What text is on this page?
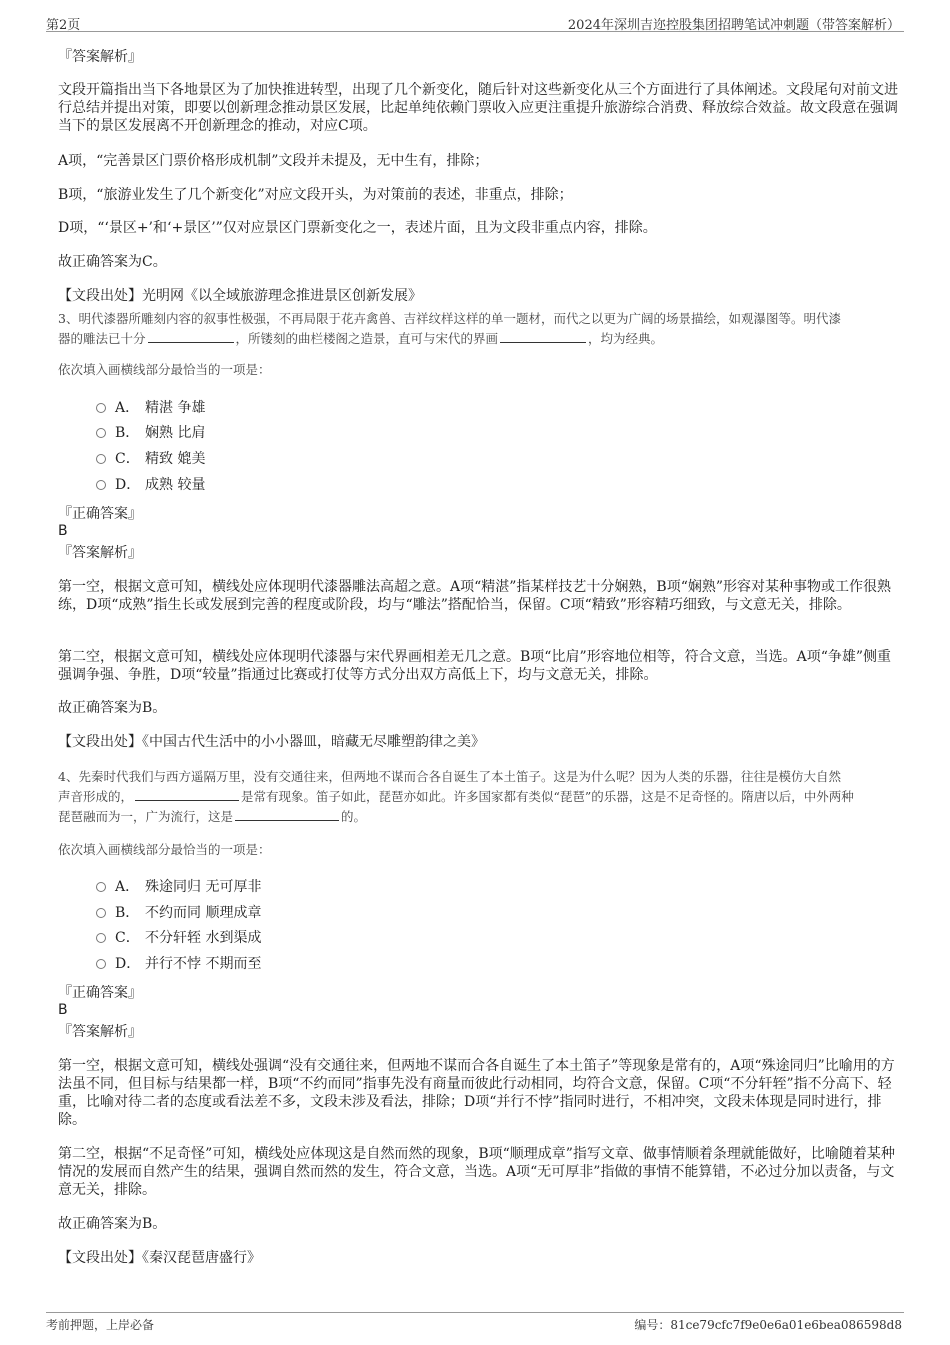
第2页	2024年深圳吉迩控股集团招聘笔试冲刺题（带答案解析）
『答案解析』
文段开篇指出当下各地景区为了加快推进转型，出现了几个新变化，随后针对这些新变化从三个方面进行了具体阐述。文段尾句对前文进行总结并提出对策，即要以创新理念推动景区发展，比起单纯依赖门票收入应更注重提升旅游综合消费、释放综合效益。故文段意在强调当下的景区发展离不开创新理念的推动，对应C项。
A项，“完善景区门票价格形成机制”文段并未提及，无中生有，排除；
B项，“旅游业发生了几个新变化”对应文段开头，为对策前的表述，非重点，排除；
D项，“‘景区+’和‘+景区’”仅对应景区门票新变化之一，表述片面，且为文段非重点内容，排除。
故正确答案为C。
【文段出处】光明网《以全域旅游理念推进景区创新发展》
3、明代漆器所雕刻内容的叙事性极强，不再局限于花卉禽兽、吉祥纹样这样的单一题材，而代之以更为广阔的场景描绘，如观瀑图等。明代漆
器的雕法已十分	，所镂刻的曲栏楼阁之造景，直可与宋代的界画	，均为经典。
依次填入画横线部分最恰当的一项是：
A． 精湛 争雄
B． 娴熟 比肩
C． 精致 媲美
D． 成熟 较量
『正确答案』
B
『答案解析』
第一空，根据文意可知，横线处应体现明代漆器雕法高超之意。A项“精湛”指某样技艺十分娴熟，B项“娴熟”形容对某种事物或工作很熟练，D项“成熟”指生长或发展到完善的程度或阶段，均与“雕法”搭配恰当，保留。C项“精致”形容精巧细致，与文意无关，排除。
第二空，根据文意可知，横线处应体现明代漆器与宋代界画相差无几之意。B项“比肩”形容地位相等，符合文意，当选。A项“争雄”侧重强调争强、争胜，D项“较量”指通过比赛或打仗等方式分出双方高低上下，均与文意无关，排除。
故正确答案为B。
【文段出处】《中国古代生活中的小小器皿，暗藏无尽雕塑韵律之美》
4、先秦时代我们与西方遥隔万里，没有交通往来，但两地不谋而合各自诞生了本土笛子。这是为什么呢？因为人类的乐器，往往是模仿大自然
声音形成的，	是常有现象。笛子如此，琵琶亦如此。许多国家都有类似“琵琶”的乐器，这是不足奇怪的。隋唐以后，中外两种
琵琶融而为一，广为流行，这是	的。
依次填入画横线部分最恰当的一项是：
A． 殊途同归 无可厚非
B． 不约而同 顺理成章
C． 不分轩轾 水到渠成
D． 并行不悖 不期而至
『正确答案』
B
『答案解析』
第一空，根据文意可知，横线处强调“没有交通往来，但两地不谋而合各自诞生了本土笛子”等现象是常有的，A项“殊途同归”比喻用的方法虽不同，但目标与结果都一样，B项“不约而同”指事先没有商量而彼此行动相同，均符合文意，保留。C项“不分轩轾”指不分高下、轻重，比喻对待二者的态度或看法差不多，文段未涉及看法，排除；D项“并行不悖”指同时进行，不相冲突，文段未体现是同时进行，排除。
第二空，根据“不足奇怪”可知，横线处应体现这是自然而然的现象，B项“顺理成章”指写文章、做事情顺着条理就能做好，比喻随着某种情况的发展而自然产生的结果，强调自然而然的发生，符合文意，当选。A项“无可厚非”指做的事情不能算错，不必过分加以责备，与文意无关，排除。
故正确答案为B。
【文段出处】《秦汉琵琶唐盛行》
考前押题，上岸必备	编号：81ce79cfc7f9e0e6a01e6bea086598d8
